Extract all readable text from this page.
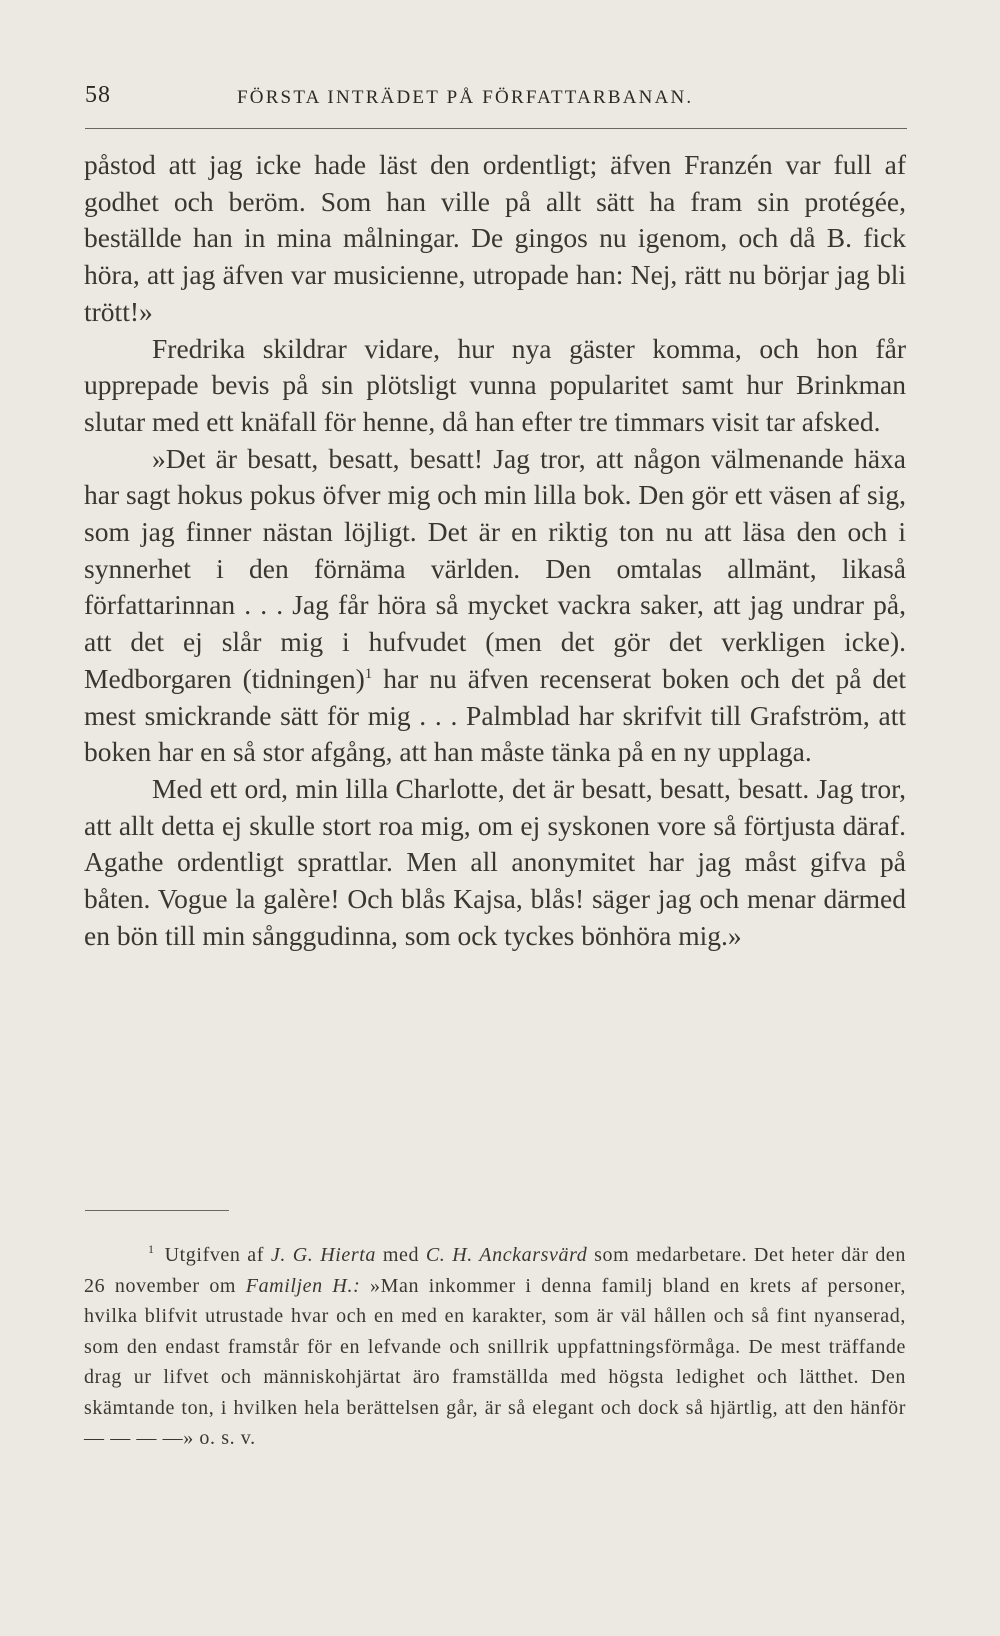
58	FÖRSTA INTRÄDET PÅ FÖRFATTARBANAN.

påstod att jag icke hade läst den ordentligt; äfven Franzén var full af godhet och beröm. Som han ville på allt sätt ha fram sin protégée, beställde han in mina målningar. De gingos nu igenom, och då B. fick höra, att jag äfven var musicienne, utropade han: Nej, rätt nu börjar jag bli trött!»

Fredrika skildrar vidare, hur nya gäster komma, och hon får upprepade bevis på sin plötsligt vunna popularitet samt hur Brinkman slutar med ett knäfall för henne, då han efter tre timmars visit tar afsked.

»Det är besatt, besatt, besatt! Jag tror, att någon välmenande häxa har sagt hokus pokus öfver mig och min lilla bok. Den gör ett väsen af sig, som jag finner nästan löjligt. Det är en riktig ton nu att läsa den och i synnerhet i den förnäma världen. Den omtalas allmänt, likaså författarinnan . . . Jag får höra så mycket vackra saker, att jag undrar på, att det ej slår mig i hufvudet (men det gör det verkligen icke). Medborgaren (tidningen)$^1$ har nu äfven recenserat boken och det på det mest smickrande sätt för mig . . . Palmblad har skrifvit till Grafström, att boken har en så stor afgång, att han måste tänka på en ny upplaga.

Med ett ord, min lilla Charlotte, det är besatt, besatt, besatt. Jag tror, att allt detta ej skulle stort roa mig, om ej syskonen vore så förtjusta däraf. Agathe ordentligt sprattlar. Men all anonymitet har jag måst gifva på båten. Vogue la galère! Och blås Kajsa, blås! säger jag och menar därmed en bön till min sånggudinna, som ock tyckes bönhöra mig.»

$^1$ Utgifven af J. G. Hierta med C. H. Anckarsvärd som medarbetare. Det heter där den 26 november om Familjen H.: »Man inkommer i denna familj bland en krets af personer, hvilka blifvit utrustade hvar och en med en karakter, som är väl hållen och så fint nyanserad, som den endast framstår för en lefvande och snillrik uppfattningsförmåga. De mest träffande drag ur lifvet och människohjärtat äro framställda med högsta ledighet och lätthet. Den skämtande ton, i hvilken hela berättelsen går, är så elegant och dock så hjärtlig, att den hänför — — — —» o. s. v.
